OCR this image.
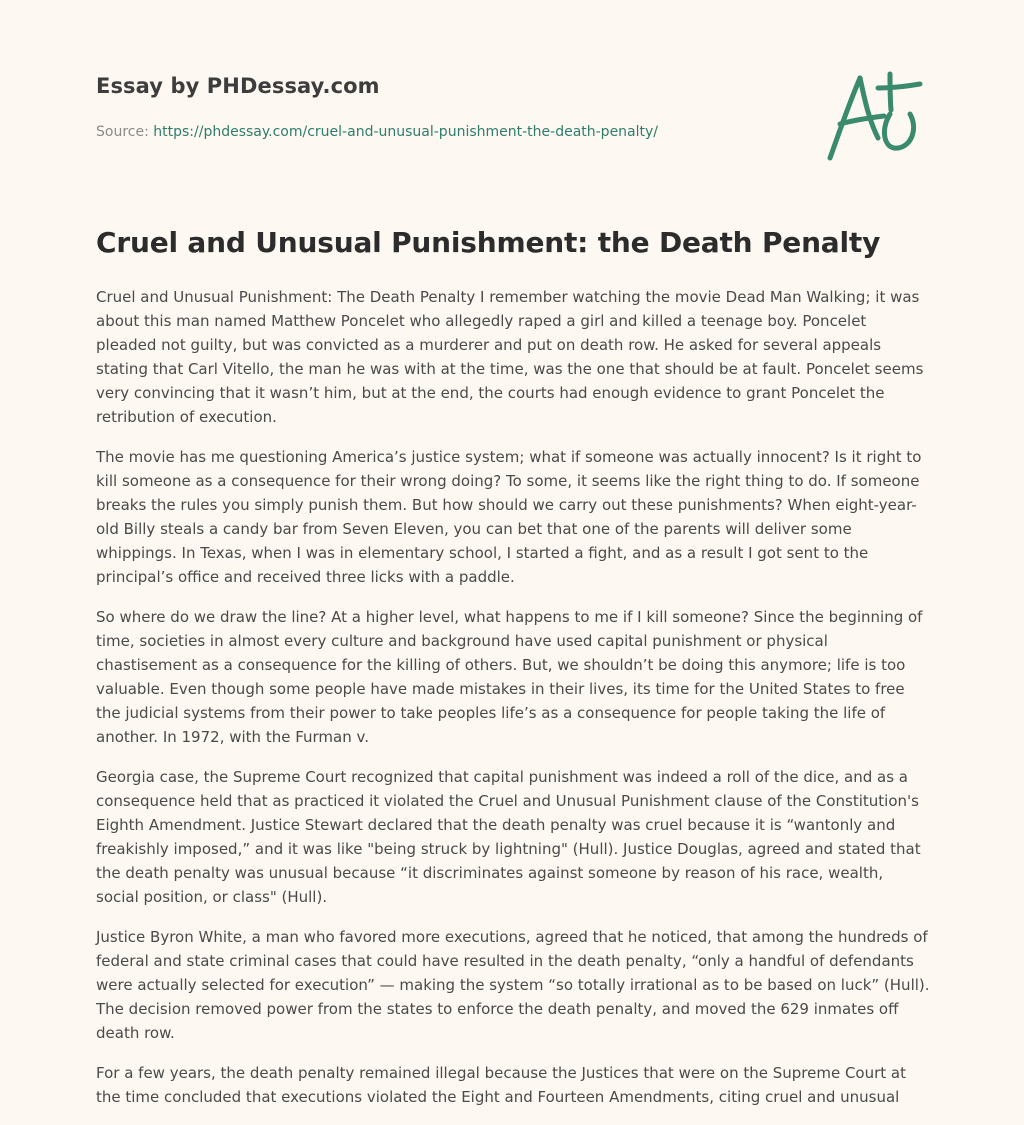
Essay by PHDessay.com
Source: https://phdessay.com/cruel-and-unusual-punishment-the-death-penalty/
Cruel and Unusual Punishment: the Death Penalty

Cruel and Unusual Punishment: The Death Penalty I remember watching the movie Dead Man Walking; it was about this man named Matthew Poncelet who allegedly raped a girl and killed a teenage boy. Poncelet pleaded not guilty, but was convicted as a murderer and put on death row. He asked for several appeals stating that Carl Vitello, the man he was with at the time, was the one that should be at fault. Poncelet seems very convincing that it wasn’t him, but at the end, the courts had enough evidence to grant Poncelet the retribution of execution.

The movie has me questioning America’s justice system; what if someone was actually innocent? Is it right to kill someone as a consequence for their wrong doing? To some, it seems like the right thing to do. If someone breaks the rules you simply punish them. But how should we carry out these punishments? When eight-year-old Billy steals a candy bar from Seven Eleven, you can bet that one of the parents will deliver some whippings. In Texas, when I was in elementary school, I started a fight, and as a result I got sent to the principal’s office and received three licks with a paddle.

So where do we draw the line? At a higher level, what happens to me if I kill someone? Since the beginning of time, societies in almost every culture and background have used capital punishment or physical chastisement as a consequence for the killing of others. But, we shouldn’t be doing this anymore; life is too valuable. Even though some people have made mistakes in their lives, its time for the United States to free the judicial systems from their power to take peoples life’s as a consequence for people taking the life of another. In 1972, with the Furman v.

Georgia case, the Supreme Court recognized that capital punishment was indeed a roll of the dice, and as a consequence held that as practiced it violated the Cruel and Unusual Punishment clause of the Constitution's Eighth Amendment. Justice Stewart declared that the death penalty was cruel because it is “wantonly and freakishly imposed,” and it was like "being struck by lightning" (Hull). Justice Douglas, agreed and stated that the death penalty was unusual because “it discriminates against someone by reason of his race, wealth, social position, or class" (Hull).

Justice Byron White, a man who favored more executions, agreed that he noticed, that among the hundreds of federal and state criminal cases that could have resulted in the death penalty, “only a handful of defendants were actually selected for execution” — making the system “so totally irrational as to be based on luck” (Hull). The decision removed power from the states to enforce the death penalty, and moved the 629 inmates off death row.

For a few years, the death penalty remained illegal because the Justices that were on the Supreme Court at the time concluded that executions violated the Eight and Fourteen Amendments, citing cruel and unusual
